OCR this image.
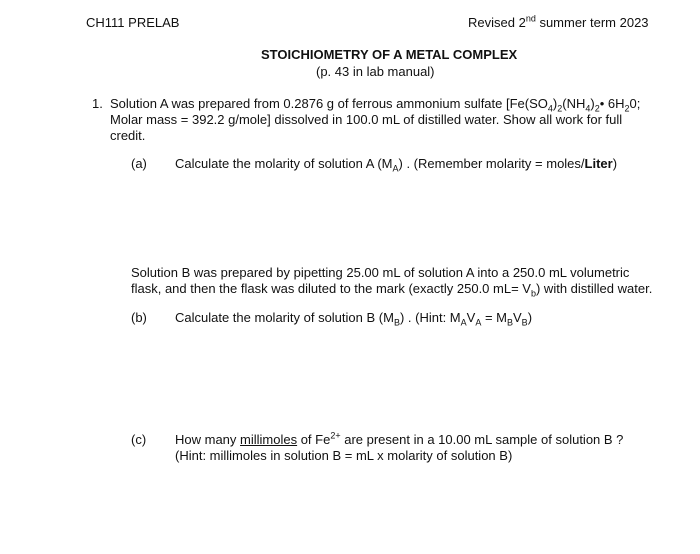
CH111 PRELAB	Revised 2nd summer term 2023
STOICHIOMETRY OF A METAL COMPLEX
(p. 43 in lab manual)
1. Solution A was prepared from 0.2876 g of ferrous ammonium sulfate [$Fe(SO_4)_2(NH_4)_2•$ $6H_20$;
Molar mass = 392.2 g/mole] dissolved in 100.0 mL of distilled water. Show all work for full
credit.
(a) Calculate the molarity of solution A $(M_A)$ . (Remember molarity = moles/Liter)
Solution B was prepared by pipetting 25.00 mL of solution A into a 250.0 mL volumetric
flask, and then the flask was diluted to the mark (exactly 250.0 $mL= V_b$) with distilled water.
(b) Calculate the molarity of solution B $(M_B)$ . (Hint: $M_AV_A = M_BV_B$)
(c) How many millimoles of $Fe^{2+}$ are present in a 10.00 mL sample of solution B ?
(Hint: millimoles in solution B = mL x molarity of solution B)
